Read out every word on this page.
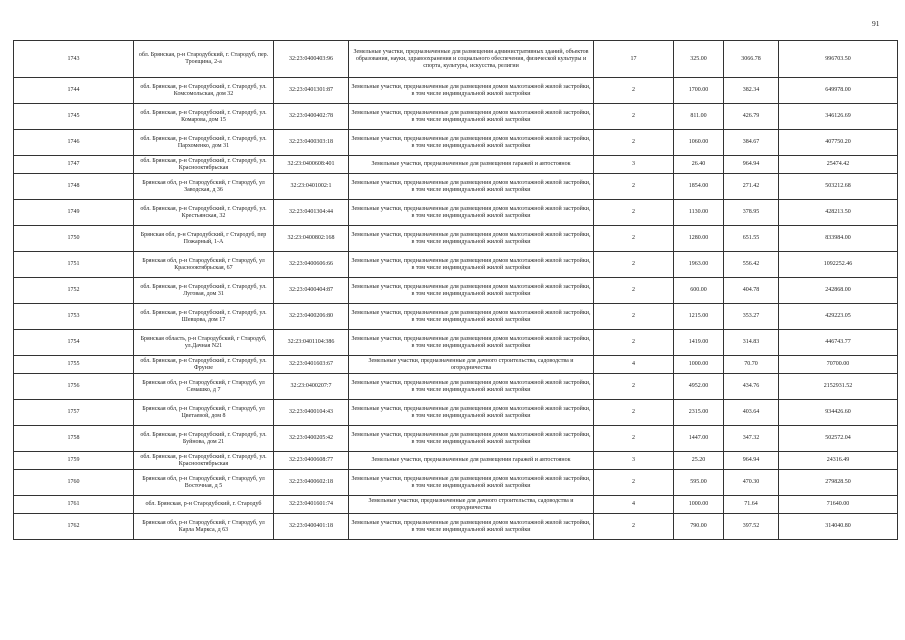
91
1743	обл. Брянская, р-н Стародубский, г. Стародуб, пер. Троещина, 2-а	32:23:0400403:96	Земельные участки, предназначенные для размещения административных зданий, объектов образования, науки, здравоохранения и социального обеспечения, физической культуры и спорта, культуры, искусства, религии	17	325.00	3066.78	996703.50
1744	обл. Брянская, р-н Стародубский, г. Стародуб, ул. Комсомольская, дом 32	32:23:0401301:87	Земельные участки, предназначенные для размещения домов малоэтажной жилой застройки, в том числе индивидуальной жилой застройки	2	1700.00	382.34	649978.00
1745	обл. Брянская, р-н Стародубский, г. Стародуб, ул. Комарова, дом 15	32:23:0400402:78	Земельные участки, предназначенные для размещения домов малоэтажной жилой застройки, в том числе индивидуальной жилой застройки	2	811.00	426.79	346126.69
1746	обл. Брянская, р-н Стародубский, г. Стародуб, ул. Пархоменко, дом 31	32:23:0400303:18	Земельные участки, предназначенные для размещения домов малоэтажной жилой застройки, в том числе индивидуальной жилой застройки	2	1060.00	384.67	407750.20
1747	обл. Брянская, р-н Стародубский, г. Стародуб, ул. Краснооктябрьская	32:23:0400608:401	Земельные участки, предназначенные для размещения гаражей и автостоянок	3	26.40	964.94	25474.42
1748	Брянская обл, р-н Стародубский, г Стародуб, ул Заводская, д 36	32:23:0401002:1	Земельные участки, предназначенные для размещения домов малоэтажной жилой застройки, в том числе индивидуальной жилой застройки	2	1854.00	271.42	503212.68
1749	обл. Брянская, р-н Стародубский, г. Стародуб, ул. Крестьянская, 32	32:23:0401304:44	Земельные участки, предназначенные для размещения домов малоэтажной жилой застройки, в том числе индивидуальной жилой застройки	2	1130.00	378.95	428213.50
1750	Брянская обл, р-н Стародубский, г Стародуб, пер Пожарный, 1-А	32:23:0400802:168	Земельные участки, предназначенные для размещения домов малоэтажной жилой застройки, в том числе индивидуальной жилой застройки	2	1280.00	651.55	833984.00
1751	Брянская обл, р-н Стародубский, г Стародуб, ул Краснооктябрьская, 67	32:23:0400606:66	Земельные участки, предназначенные для размещения домов малоэтажной жилой застройки, в том числе индивидуальной жилой застройки	2	1963.00	556.42	1092252.46
1752	обл. Брянская, р-н Стародубский, г. Стародуб, ул. Луговая, дом 31	32:23:0400404:87	Земельные участки, предназначенные для размещения домов малоэтажной жилой застройки, в том числе индивидуальной жилой застройки	2	600.00	404.78	242868.00
1753	обл. Брянская, р-н Стародубский, г. Стародуб, ул. Шевцова, дом 17	32:23:0400206:80	Земельные участки, предназначенные для размещения домов малоэтажной жилой застройки, в том числе индивидуальной жилой застройки	2	1215.00	353.27	429223.05
1754	Брянская область, р-н Стародубский, г Стародуб, ул.Дачная N21	32:23:0401104:386	Земельные участки, предназначенные для размещения домов малоэтажной жилой застройки, в том числе индивидуальной жилой застройки	2	1419.00	314.83	446743.77
1755	обл. Брянская, р-н Стародубский, г. Стародуб, ул. Фрунзе	32:23:0401603:67	Земельные участки, предназначенные для дачного строительства, садоводства и огородничества	4	1000.00	70.70	70700.00
1756	Брянская обл, р-н Стародубский, г Стародуб, ул Семашко, д 7	32:23:0400207:7	Земельные участки, предназначенные для размещения домов малоэтажной жилой застройки, в том числе индивидуальной жилой застройки	2	4952.00	434.76	2152931.52
1757	Брянская обл, р-н Стародубский, г Стародуб, ул Цветаевой, дом 8	32:23:0400104:43	Земельные участки, предназначенные для размещения домов малоэтажной жилой застройки, в том числе индивидуальной жилой застройки	2	2315.00	403.64	934426.60
1758	обл. Брянская, р-н Стародубский, г. Стародуб, ул. Буйнова, дом 21	32:23:0400205:42	Земельные участки, предназначенные для размещения домов малоэтажной жилой застройки, в том числе индивидуальной жилой застройки	2	1447.00	347.32	502572.04
1759	обл. Брянская, р-н Стародубский, г. Стародуб, ул. Краснооктябрьская	32:23:0400608:77	Земельные участки, предназначенные для размещения гаражей и автостоянок	3	25.20	964.94	24316.49
1760	Брянская обл, р-н Стародубский, г Стародуб, ул Восточная, д 5	32:23:0400602:18	Земельные участки, предназначенные для размещения домов малоэтажной жилой застройки, в том числе индивидуальной жилой застройки	2	595.00	470.30	279828.50
1761	обл. Брянская, р-н Стародубский, г. Стародуб	32:23:0401601:74	Земельные участки, предназначенные для дачного строительства, садоводства и огородничества	4	1000.00	71.64	71640.00
1762	Брянская обл, р-н Стародубский, г Стародуб, ул Карла Маркса, д 63	32:23:0400401:18	Земельные участки, предназначенные для размещения домов малоэтажной жилой застройки, в том числе индивидуальной жилой застройки	2	790.00	397.52	314040.80
